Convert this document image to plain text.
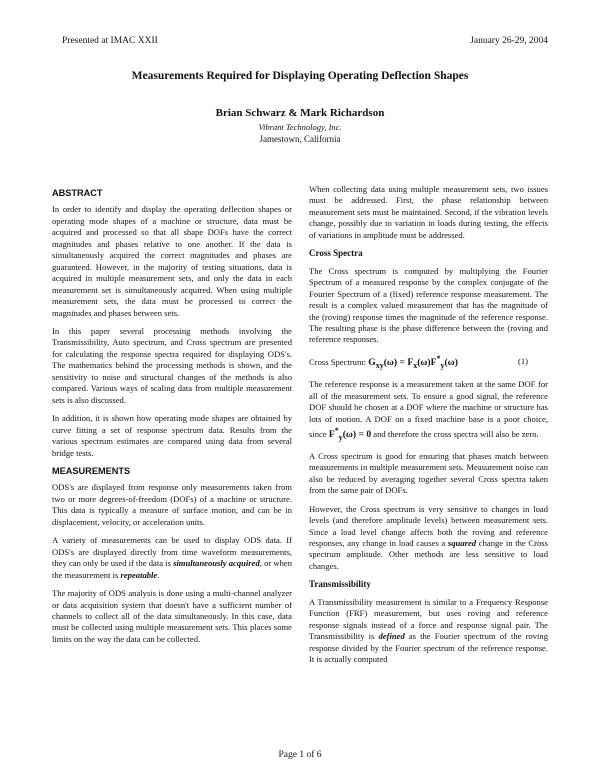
Presented at IMAC XXII	January 26-29, 2004
Measurements Required for Displaying Operating Deflection Shapes
Brian Schwarz & Mark Richardson
Vibrant Technology, Inc.
Jamestown, California
ABSTRACT

In order to identify and display the operating deflection shapes or operating mode shapes of a machine or structure, data must be acquired and processed so that all shape DOFs have the correct magnitudes and phases relative to one another. If the data is simultaneously acquired the correct magnitudes and phases are guaranteed. However, in the majority of testing situations, data is acquired in multiple measurement sets, and only the data in each measurement set is simultaneously acquired. When using multiple measurement sets, the data must be processed to correct the magnitudes and phases between sets.

In this paper several processing methods involving the Transmissibility, Auto spectrum, and Cross spectrum are presented for calculating the response spectra required for displaying ODS's. The mathematics behind the processing methods is shown, and the sensitivity to noise and structural changes of the methods is also compared. Various ways of scaling data from multiple measurement sets is also discussed.

In addition, it is shown how operating mode shapes are obtained by curve fitting a set of response spectrum data. Results from the various spectrum estimates are compared using data from several bridge tests.

MEASUREMENTS

ODS's are displayed from response only measurements taken from two or more degrees-of-freedom (DOFs) of a machine or structure. This data is typically a measure of surface motion, and can be in displacement, velocity, or acceleration units.

A variety of measurements can be used to display ODS data. If ODS's are displayed directly from time waveform measurements, they can only be used if the data is simultaneously acquired, or when the measurement is repeatable.

The majority of ODS analysis is done using a multi-channel analyzer or data acquisition system that doesn't have a sufficient number of channels to collect all of the data simultaneously. In this case, data must be collected using multiple measurement sets. This places some limits on the way the data can be collected.

When collecting data using multiple measurement sets, two issues must be addressed. First, the phase relationship between measurement sets must be maintained. Second, if the vibration levels change, possibly due to variation in loads during testing, the effects of variations in amplitude must be addressed.

Cross Spectra

The Cross spectrum is computed by multiplying the Fourier Spectrum of a measured response by the complex conjugate of the Fourier Spectrum of a (fixed) reference response measurement. The result is a complex valued measurement that has the magnitude of the (roving) response times the magnitude of the reference response. The resulting phase is the phase difference between the (roving and reference responses.

Cross Spectrum: $G_{xy}(\omega) = F_x(\omega)F^*_y(\omega)$	(1)

The reference response is a measurement taken at the same DOF for all of the measurement sets. To ensure a good signal, the reference DOF should be chosen at a DOF where the machine or structure has lots of motion. A DOF on a fixed machine base is a poor choice, since $F^*_y(\omega) = 0$ and therefore the cross spectra will also be zero.

A Cross spectrum is good for ensuring that phases match between measurements in multiple measurement sets. Measurement noise can also be reduced by averaging together several Cross spectra taken from the same pair of DOFs.

However, the Cross spectrum is very sensitive to changes in load levels (and therefore amplitude levels) between measurement sets. Since a load level change affects both the roving and reference responses, any change in load causes a squared change in the Cross spectrum amplitude. Other methods are less sensitive to load changes.

Transmissibility

A Transmissibility measurement is similar to a Frequency Response Function (FRF) measurement, but uses roving and reference response signals instead of a force and response signal pair. The Transmissibility is defined as the Fourier spectrum of the roving response divided by the Fourier spectrum of the reference response. It is actually computed

Page 1 of 6
